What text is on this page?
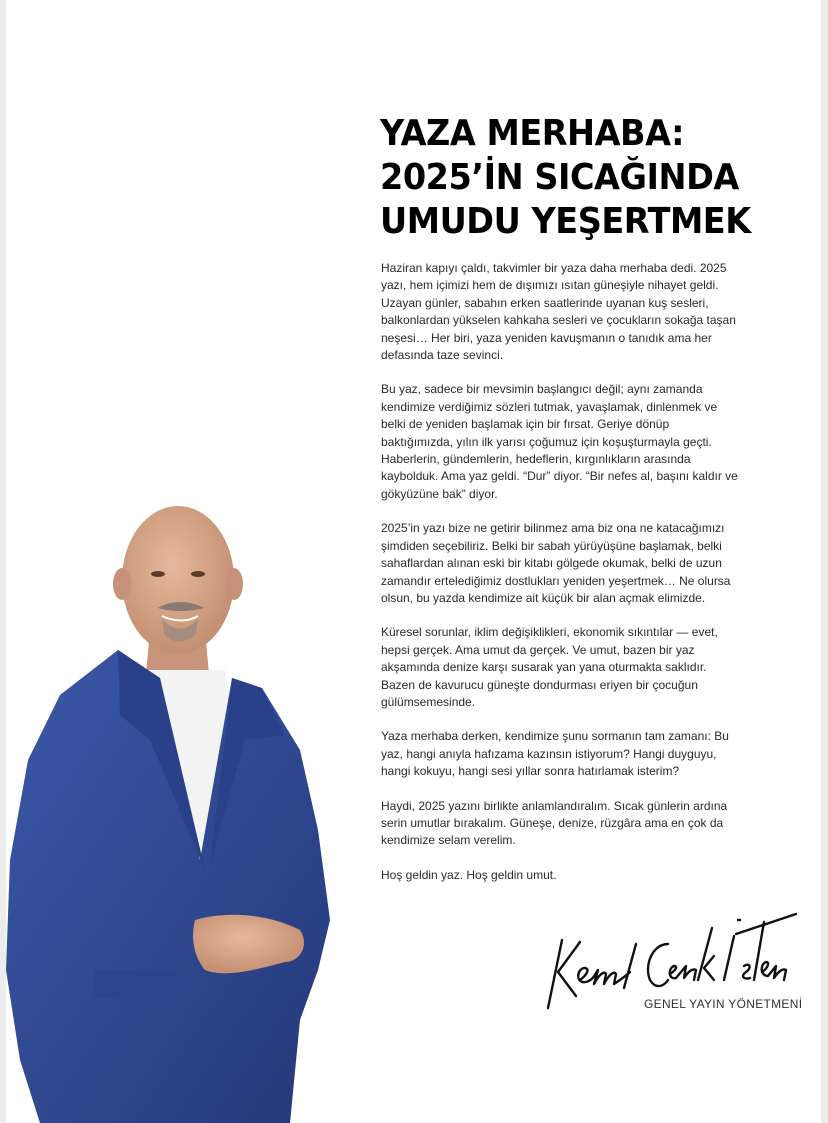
YAZA MERHABA:
2025’İN SICAĞINDA
UMUDU YEŞERTMEK

Haziran kapıyı çaldı, takvimler bir yaza daha merhaba dedi. 2025 yazı, hem içimizi hem de dışımızı ısıtan güneşiyle nihayet geldi. Uzayan günler, sabahın erken saatlerinde uyanan kuş sesleri, balkonlardan yükselen kahkaha sesleri ve çocukların sokağa taşan neşesi… Her biri, yaza yeniden kavuşmanın o tanıdık ama her defasında taze sevinci.

Bu yaz, sadece bir mevsimin başlangıcı değil; aynı zamanda kendimize verdiğimiz sözleri tutmak, yavaşlamak, dinlenmek ve belki de yeniden başlamak için bir fırsat. Geriye dönüp baktığımızda, yılın ilk yarısı çoğumuz için koşuşturmayla geçti. Haberlerin, gündemlerin, hedeflerin, kırgınlıkların arasında kaybolduk. Ama yaz geldi. “Dur” diyor. “Bir nefes al, başını kaldır ve gökyüzüne bak” diyor.

2025’in yazı bize ne getirir bilinmez ama biz ona ne katacağımızı şimdiden seçebiliriz. Belki bir sabah yürüyüşüne başlamak, belki sahaflardan alınan eski bir kitabı gölgede okumak, belki de uzun zamandır ertelediğimiz dostlukları yeniden yeşertmek… Ne olursa olsun, bu yazda kendimize ait küçük bir alan açmak elimizde.

Küresel sorunlar, iklim değişiklikleri, ekonomik sıkıntılar — evet, hepsi gerçek. Ama umut da gerçek. Ve umut, bazen bir yaz akşamında denize karşı susarak yan yana oturmakta saklıdır. Bazen de kavurucu güneşte dondurması eriyen bir çocuğun gülümsemesinde.

Yaza merhaba derken, kendimize şunu sormanın tam zamanı: Bu yaz, hangi anıyla hafızama kazınsın istiyorum? Hangi duyguyu, hangi kokuyu, hangi sesi yıllar sonra hatırlamak isterim?

Haydi, 2025 yazını birlikte anlamlandıralım. Sıcak günlerin ardına serin umutlar bırakalım. Güneşe, denize, rüzgâra ama en çok da kendimize selam verelim.

Hoş geldin yaz. Hoş geldin umut.

GENEL YAYIN YÖNETMENİ
